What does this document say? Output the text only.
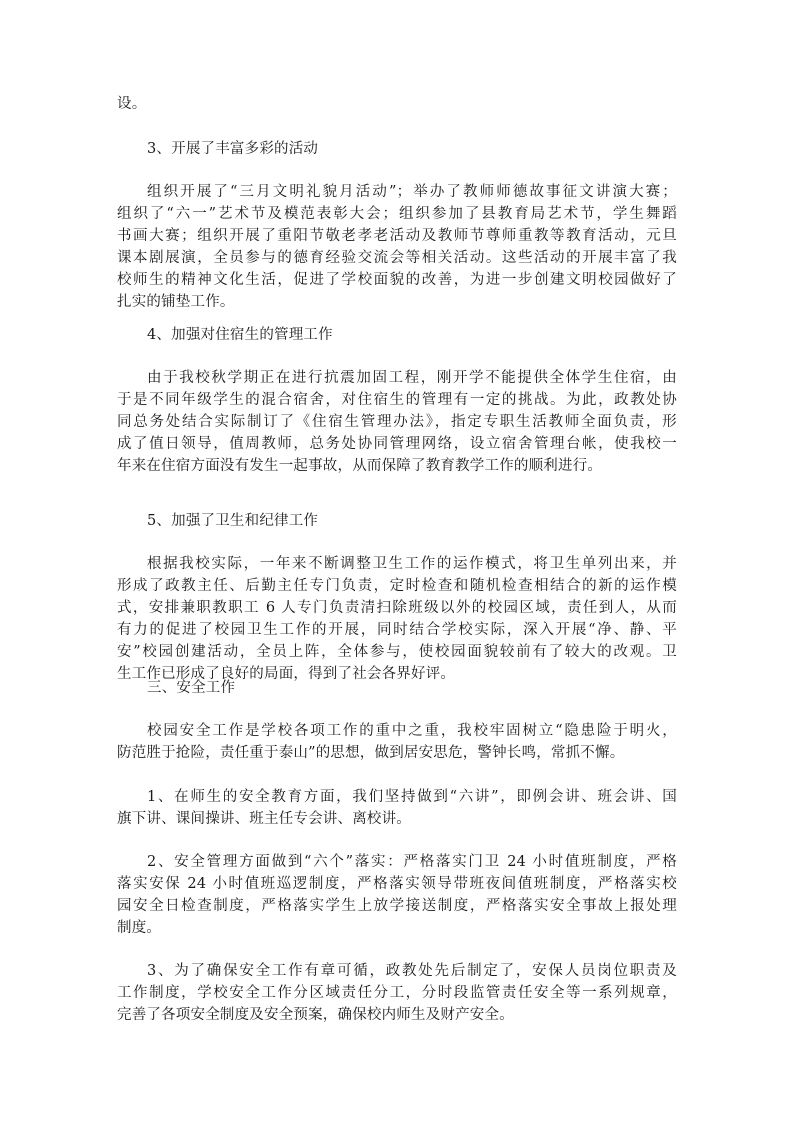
设。
3、开展了丰富多彩的活动
组织开展了“三月文明礼貌月活动”；举办了教师师德故事征文讲演大赛；
组织了“六一”艺术节及模范表彰大会；组织参加了县教育局艺术节，学生舞蹈
书画大赛；组织开展了重阳节敬老孝老活动及教师节尊师重教等教育活动，元旦
课本剧展演，全员参与的德育经验交流会等相关活动。这些活动的开展丰富了我
校师生的精神文化生活，促进了学校面貌的改善，为进一步创建文明校园做好了
扎实的铺垫工作。
4、加强对住宿生的管理工作
由于我校秋学期正在进行抗震加固工程，刚开学不能提供全体学生住宿，由
于是不同年级学生的混合宿舍，对住宿生的管理有一定的挑战。为此，政教处协
同总务处结合实际制订了《住宿生管理办法》，指定专职生活教师全面负责，形
成了值日领导，值周教师，总务处协同管理网络，设立宿舍管理台帐，使我校一
年来在住宿方面没有发生一起事故，从而保障了教育教学工作的顺利进行。
5、加强了卫生和纪律工作
根据我校实际，一年来不断调整卫生工作的运作模式，将卫生单列出来，并
形成了政教主任、后勤主任专门负责，定时检查和随机检查相结合的新的运作模
式，安排兼职教职工 6 人专门负责清扫除班级以外的校园区域，责任到人，从而
有力的促进了校园卫生工作的开展，同时结合学校实际，深入开展“净、静、平
安”校园创建活动，全员上阵，全体参与，使校园面貌较前有了较大的改观。卫
生工作已形成了良好的局面，得到了社会各界好评。
三、安全工作
校园安全工作是学校各项工作的重中之重，我校牢固树立“隐患险于明火，
防范胜于抢险，责任重于泰山”的思想，做到居安思危，警钟长鸣，常抓不懈。
1、在师生的安全教育方面，我们坚持做到“六讲”，即例会讲、班会讲、国
旗下讲、课间操讲、班主任专会讲、离校讲。
2、安全管理方面做到“六个”落实：严格落实门卫 24 小时值班制度，严格
落实安保 24 小时值班巡逻制度，严格落实领导带班夜间值班制度，严格落实校
园安全日检查制度，严格落实学生上放学接送制度，严格落实安全事故上报处理
制度。
3、为了确保安全工作有章可循，政教处先后制定了，安保人员岗位职责及
工作制度，学校安全工作分区域责任分工，分时段监管责任安全等一系列规章，
完善了各项安全制度及安全预案，确保校内师生及财产安全。
